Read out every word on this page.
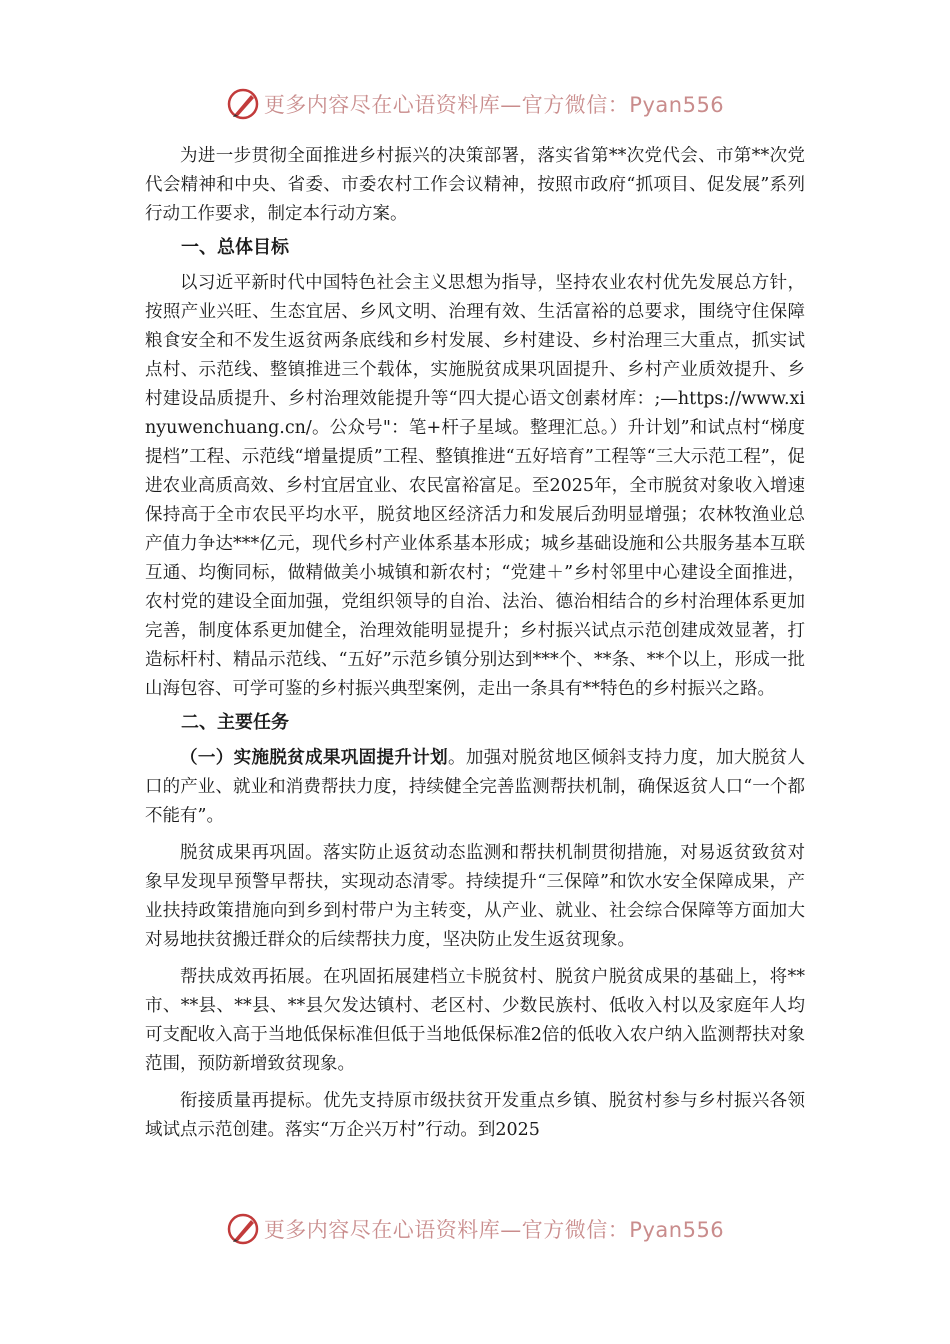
更多内容尽在心语资料库—官方微信：Pyan556

为进一步贯彻全面推进乡村振兴的决策部署，落实省第**次党代会、市第**次党代会精神和中央、省委、市委农村工作会议精神，按照市政府“抓项目、促发展”系列行动工作要求，制定本行动方案。

一、总体目标

以习近平新时代中国特色社会主义思想为指导，坚持农业农村优先发展总方针，按照产业兴旺、生态宜居、乡风文明、治理有效、生活富裕的总要求，围绕守住保障粮食安全和不发生返贫两条底线和乡村发展、乡村建设、乡村治理三大重点，抓实试点村、示范线、整镇推进三个载体，实施脱贫成果巩固提升、乡村产业质效提升、乡村建设品质提升、乡村治理效能提升等“四大提心语文创素材库：;—https://www.xinyuwenchuang.cn/。公众号"：笔+杆子星域。整理汇总。）升计划”和试点村“梯度提档”工程、示范线“增量提质”工程、整镇推进“五好培育”工程等“三大示范工程”，促进农业高质高效、乡村宜居宜业、农民富裕富足。至2025年，全市脱贫对象收入增速保持高于全市农民平均水平，脱贫地区经济活力和发展后劲明显增强；农林牧渔业总产值力争达***亿元，现代乡村产业体系基本形成；城乡基础设施和公共服务基本互联互通、均衡同标，做精做美小城镇和新农村；“党建＋”乡村邻里中心建设全面推进，农村党的建设全面加强，党组织领导的自治、法治、德治相结合的乡村治理体系更加完善，制度体系更加健全，治理效能明显提升；乡村振兴试点示范创建成效显著，打造标杆村、精品示范线、“五好”示范乡镇分别达到***个、**条、**个以上，形成一批山海包容、可学可鉴的乡村振兴典型案例，走出一条具有**特色的乡村振兴之路。

二、主要任务

（一）实施脱贫成果巩固提升计划。加强对脱贫地区倾斜支持力度，加大脱贫人口的产业、就业和消费帮扶力度，持续健全完善监测帮扶机制，确保返贫人口“一个都不能有”。

脱贫成果再巩固。落实防止返贫动态监测和帮扶机制贯彻措施，对易返贫致贫对象早发现早预警早帮扶，实现动态清零。持续提升“三保障”和饮水安全保障成果，产业扶持政策措施向到乡到村带户为主转变，从产业、就业、社会综合保障等方面加大对易地扶贫搬迁群众的后续帮扶力度，坚决防止发生返贫现象。

帮扶成效再拓展。在巩固拓展建档立卡脱贫村、脱贫户脱贫成果的基础上，将**市、**县、**县、**县欠发达镇村、老区村、少数民族村、低收入村以及家庭年人均可支配收入高于当地低保标准但低于当地低保标准2倍的低收入农户纳入监测帮扶对象范围，预防新增致贫现象。

衔接质量再提标。优先支持原市级扶贫开发重点乡镇、脱贫村参与乡村振兴各领域试点示范创建。落实“万企兴万村”行动。到2025

更多内容尽在心语资料库—官方微信：Pyan556
